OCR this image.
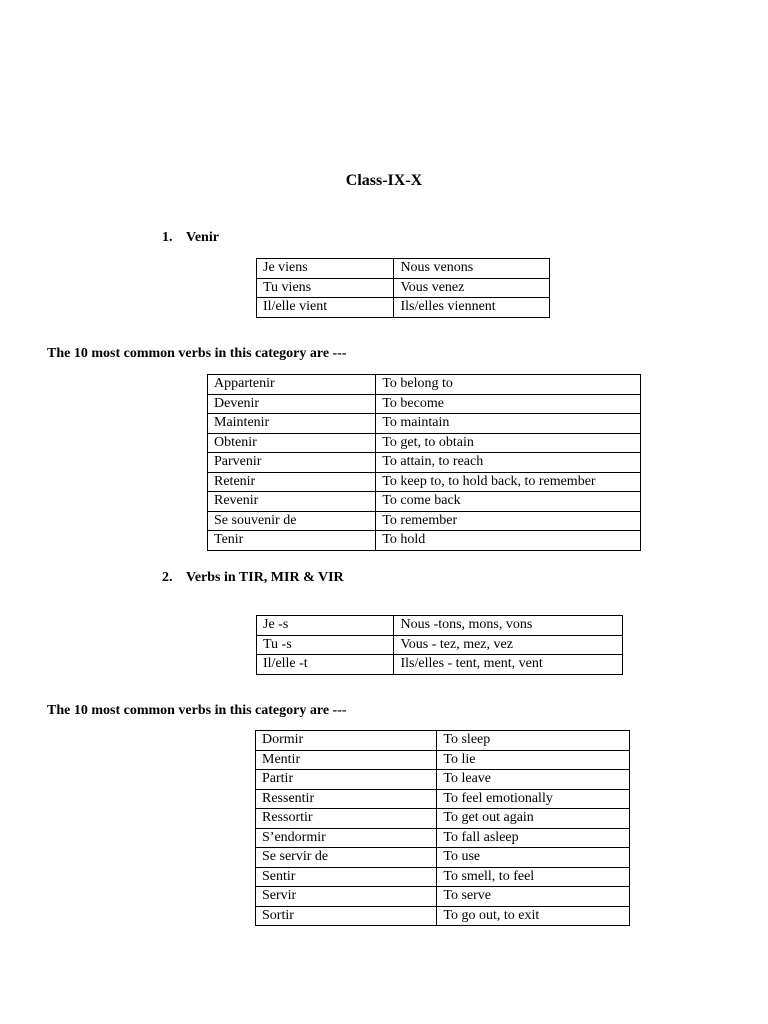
Class-IX-X
1. Venir
Je viens	Nous venons
Tu viens	Vous venez
Il/elle vient	Ils/elles viennent
The 10 most common verbs in this category are ---
Appartenir	To belong to
Devenir	To become
Maintenir	To maintain
Obtenir	To get, to obtain
Parvenir	To attain, to reach
Retenir	To keep to, to hold back, to remember
Revenir	To come back
Se souvenir de	To remember
Tenir	To hold
2. Verbs in TIR, MIR & VIR
Je -s	Nous -tons, mons, vons
Tu -s	Vous - tez, mez, vez
Il/elle -t	Ils/elles - tent, ment, vent
The 10 most common verbs in this category are ---
Dormir	To sleep
Mentir	To lie
Partir	To leave
Ressentir	To feel emotionally
Ressortir	To get out again
S’endormir	To fall asleep
Se servir de	To use
Sentir	To smell, to feel
Servir	To serve
Sortir	To go out, to exit
